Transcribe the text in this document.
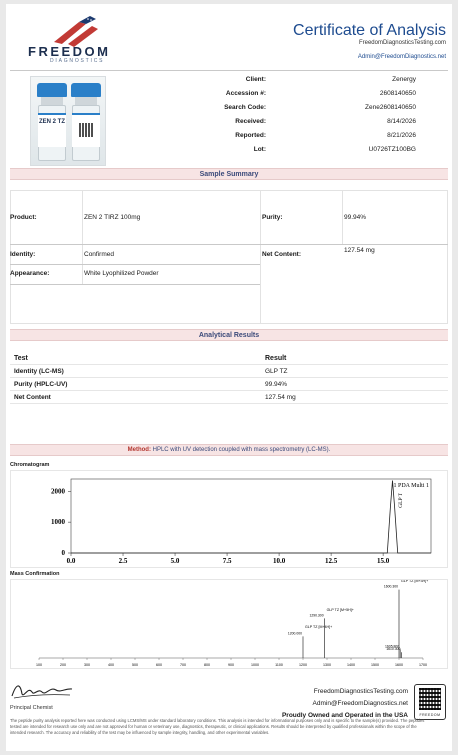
FREEDOM
DIAGNOSTICS
Certificate of Analysis
FreedomDiagnosticsTesting.com
Admin@FreedomDiagnostics.net
ZEN 2 TZ
Client:	Zenergy
Accession #:	2608140650
Search Code:	Zene2608140650
Received:	8/14/2026
Reported:	8/21/2026
Lot:	U0726TZ100BG
Sample Summary
Product:	ZEN 2 TIRZ 100mg	Purity:	99.94%
Identity:	Confirmed	Net Content:
127.54 mg
Appearance:	White Lyophilized Powder
Analytical Results
Test	Result
Identity (LC-MS)	GLP TZ
Purity (HPLC-UV)	99.94%
Net Content	127.54 mg
Method: HPLC with UV detection coupled with mass spectrometry (LC-MS).
Chromatogram
2000
1000
0
0.0	2.5	5.0	7.5	10.0	12.5	15.0
1 PDA Multi 1
GLP T
Mass Confirmation
100	200	300	400	500	600	700	800	900	1000	1100	1200	1300	1400	1500	1600	1700
1200.000
1290.300
1600.300
1605.800
1610.300
GLP TZ [M+3H]+
GLP TZ [M+4H]+
GLP TZ [M+5H]+
Principal Chemist
FreedomDiagnosticsTesting.com
Admin@FreedomDiagnostics.net
Proudly Owned and Operated in the USA	FREEDOM
The peptide purity analysis reported here was conducted using LCMS/MS under standard laboratory conditions. This analysis is intended for informational purposes only and is specific to the sample(s) provided. The peptides tested are intended for research use only and are not approved for human or veterinary use, diagnostics, therapeutic, or clinical applications. Results should be interpreted by qualified professionals within the scope of the intended research. The accuracy and reliability of the test may be influenced by sample integrity, handling, and other experimental variables.
